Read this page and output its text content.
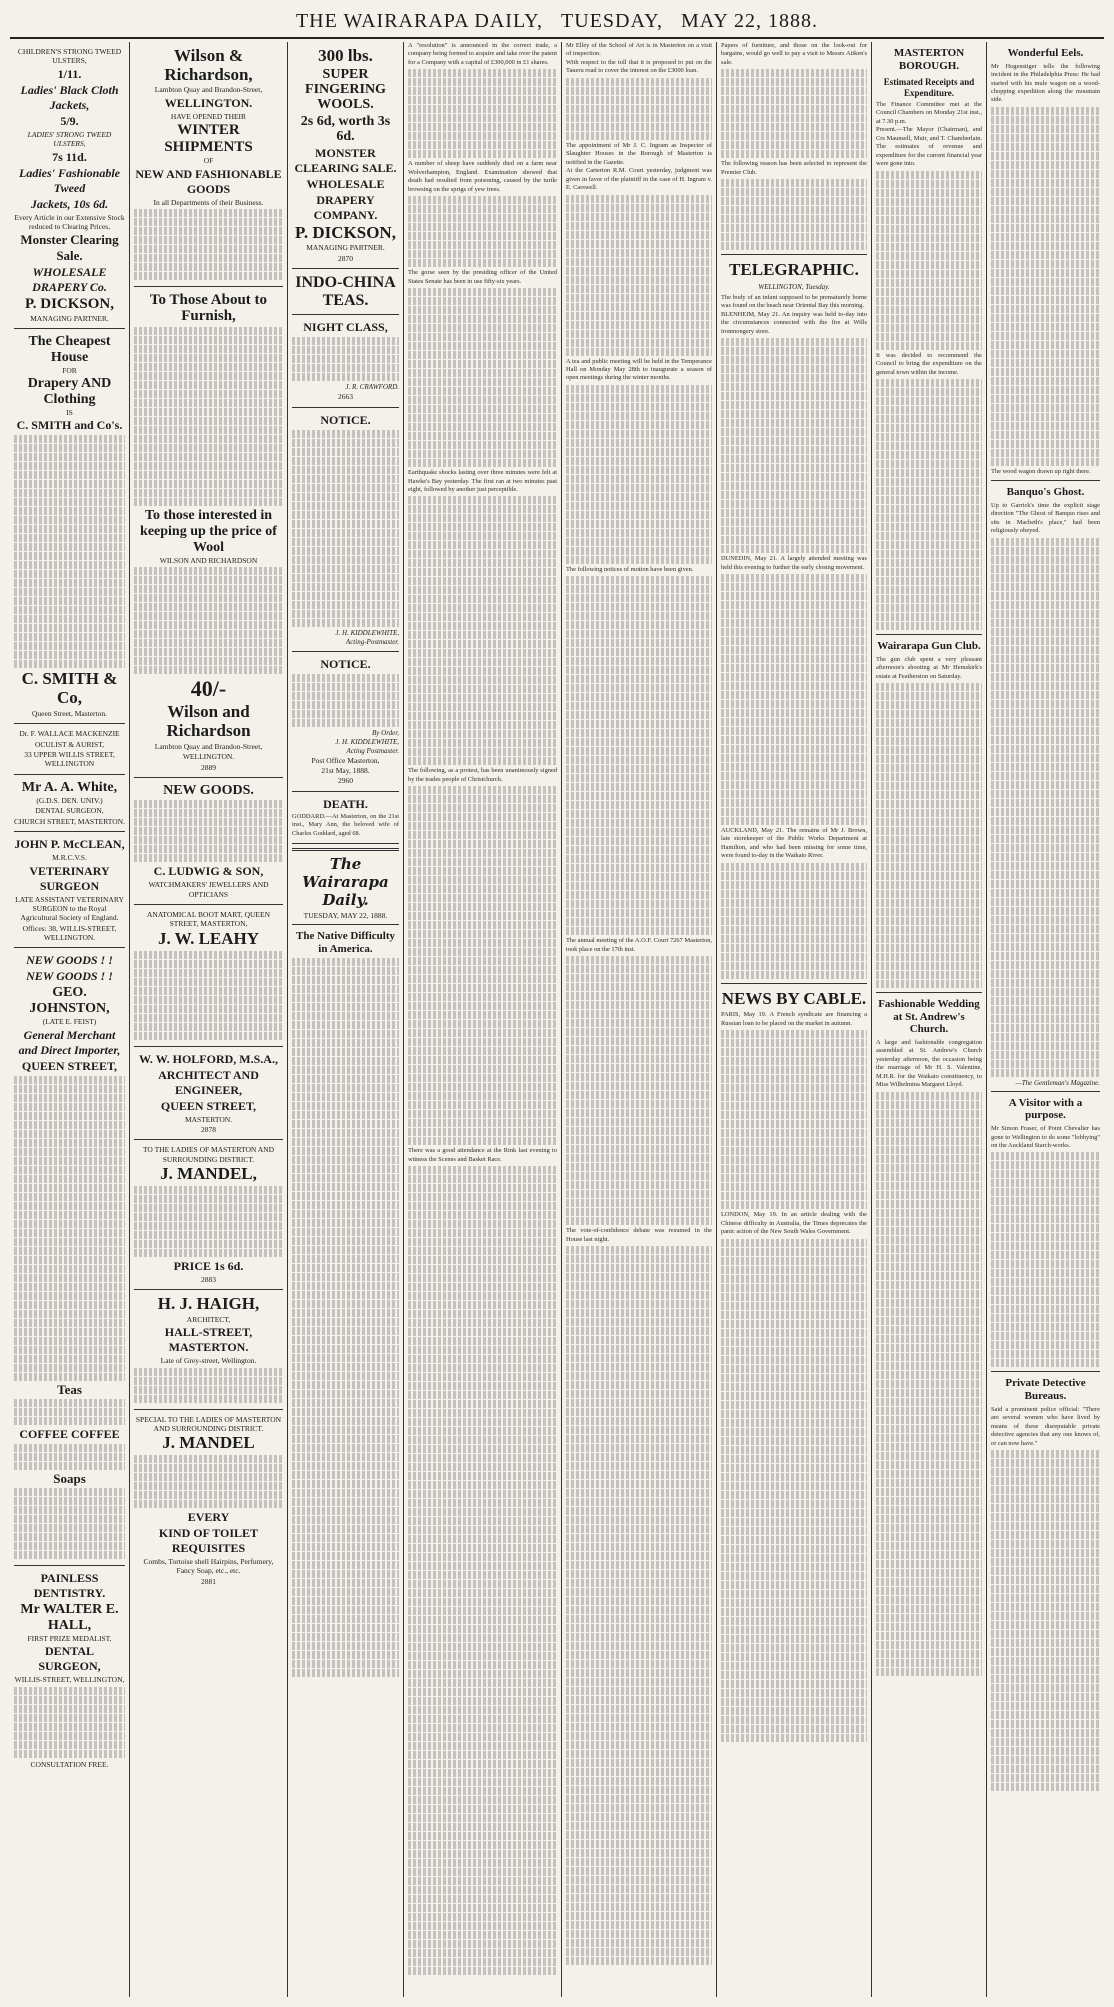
THE WAIRARAPA DAILY, TUESDAY, MAY 22, 1888.

CHILDREN'S STRONG TWEED ULSTERS,

1/11.

Ladies' Black Cloth Jackets,

5/9.

LADIES' STRONG TWEED ULSTERS,

7s 11d.

Ladies' Fashionable Tweed

Jackets, 10s 6d.

Every Article in our Extensive Stock reduced to Clearing Prices,

Monster Clearing Sale.

WHOLESALE DRAPERY Co.

P. DICKSON,

MANAGING PARTNER.

The Cheapest House

FOR

Drapery AND Clothing

IS

C. SMITH and Co's.

C. SMITH & Co,

Queen Street, Masterton.

Dr. F. WALLACE MACKENZIE

OCULIST & AURIST,

33 UPPER WILLIS STREET, WELLINGTON

Mr A. A. White,

(G.D.S. DEN. UNIV.)

DENTAL SURGEON,

CHURCH STREET, MASTERTON.

JOHN P. McCLEAN,

M.R.C.V.S.

VETERINARY SURGEON

LATE ASSISTANT VETERINARY SURGEON to the Royal Agricultural Society of England.

Offices: 38, WILLIS-STREET, WELLINGTON.

NEW GOODS ! !

NEW GOODS ! !

GEO. JOHNSTON,

(LATE E. FEIST)

General Merchant and Direct Importer,

QUEEN STREET,

Teas

COFFEE COFFEE

Soaps

PAINLESS DENTISTRY.

Mr WALTER E. HALL,

FIRST PRIZE MEDALIST,

DENTAL SURGEON,

WILLIS-STREET, WELLINGTON,

CONSULTATION FREE.

Wilson & Richardson,

Lambton Quay and Brandon-Street,

WELLINGTON.

HAVE OPENED THEIR

WINTER SHIPMENTS

OF

NEW AND FASHIONABLE GOODS

In all Departments of their Business.

To Those About to Furnish,

To those interested in

keeping up the price of Wool

WILSON AND RICHARDSON

40/-

Wilson and Richardson

Lambton Quay and Brandon-Street,

WELLINGTON.

2889

NEW GOODS.

C. LUDWIG & SON,

WATCHMAKERS' JEWELLERS AND OPTICIANS

ANATOMICAL BOOT MART, QUEEN STREET, MASTERTON,

J. W. LEAHY

W. W. HOLFORD, M.S.A.,

ARCHITECT AND ENGINEER,

QUEEN STREET,

MASTERTON.

2878

TO THE LADIES OF MASTERTON AND SURROUNDING DISTRICT.

J. MANDEL,

PRICE 1s 6d.

2883

H. J. HAIGH,

ARCHITECT,

HALL-STREET, MASTERTON.

Late of Grey-street, Wellington.

SPECIAL TO THE LADIES OF MASTERTON AND SURROUNDING DISTRICT.

J. MANDEL

EVERY

KIND OF TOILET REQUISITES

Combs, Tortoise shell Hairpins, Perfumery, Fancy Soap, etc., etc.

2881

300 lbs.

SUPER FINGERING WOOLS.

2s 6d, worth 3s 6d.

MONSTER CLEARING SALE.

WHOLESALE

DRAPERY COMPANY.

P. DICKSON,

MANAGING PARTNER.

2870

INDO-CHINA TEAS.

NIGHT CLASS,

J. R. CRAWFORD.

2663

NOTICE.

J. H. KIDDLEWHITE,

Acting-Postmaster.

NOTICE.

By Order,

J. H. KIDDLEWHITE,

Acting Postmaster.

Post Office Masterton,

21st May, 1888.

2960

DEATH.

GODDARD.—At Masterton, on the 21st inst., Mary Ann, the beloved wife of Charles Goddard, aged 68.

The Wairarapa Daily.
TUESDAY, MAY 22, 1888.
The Native Difficulty in America.

A "resolution" is announced in the correct trade, a company being formed to acquire and take over the patent for a Company with a capital of £300,000 in £1 shares.

A number of sheep have suddenly died on a farm near Wolverhampton, England. Examination showed that death had resulted from poisoning, caused by the turtle browsing on the sprigs of yew trees.

The gorse seen by the presiding officer of the United States Senate has been in use fifty-six years.

Earthquake shocks lasting over three minutes were felt at Hawke's Bay yesterday. The first ran at two minutes past eight, followed by another just perceptible.

The following, as a protest, has been unanimously signed by the trades people of Christchurch.

There was a good attendance at the Rink last evening to witness the Scenes and Basket Race.

Mr Elley of the School of Art is in Masterton on a visit of inspection.

With respect to the toll that it is proposed to put on the Taueru road to cover the interest on the £3000 loan.

The appointment of Mr J. C. Ingram as Inspector of Slaughter Houses in the Borough of Masterton is notified in the Gazette.

At the Carterton R.M. Court yesterday, judgment was given in favor of the plaintiff in the case of H. Ingram v. E. Carswell.

A tea and public meeting will be held in the Temperance Hall on Monday May 28th to inaugurate a season of open meetings during the winter months.

The following notices of motion have been given.

The annual meeting of the A.O.F. Court 7267 Masterton, took place on the 17th inst.

The vote-of-confidence debate was resumed in the House last night.

Papers of furniture, and those on the look-out for bargains, would go well to pay a visit to Messrs Aitken's sale.

The following reason has been selected to represent the Premier Club.

TELEGRAPHIC.
WELLINGTON, Tuesday.

The body of an infant supposed to be prematurely borne was found on the beach near Oriental Bay this morning.

BLENHEIM, May 21. An inquiry was held to-day into the circumstances connected with the fire at Wills ironmongery store.

DUNEDIN, May 21. A largely attended meeting was held this evening to further the early closing movement.

AUCKLAND, May 21. The remains of Mr J. Brown, late storekeeper of the Public Works Department at Hamilton, and who had been missing for some time, were found to-day in the Waikato River.

NEWS BY CABLE.

PARIS, May 19. A French syndicate are financing a Russian loan to be placed on the market in autumn.

LONDON, May 19. In an article dealing with the Chinese difficulty in Australia, the Times deprecates the panic action of the New South Wales Government.

MASTERTON BOROUGH.
Estimated Receipts and Expenditure.

The Finance Committee met at the Council Chambers on Monday 21st inst., at 7.30 p.m.

Present.—The Mayor (Chairman), and Crs Maunsell, Muir, and T. Chamberlain. The estimates of revenue and expenditure for the current financial year were gone into.

It was decided to recommend the Council to bring the expenditure on the general town within the income.

Wairarapa Gun Club.

The gun club spent a very pleasant afternoon's shooting at Mr Hemskirk's estate at Featherston on Saturday.

Fashionable Wedding at St. Andrew's Church.

A large and fashionable congregation assembled at St. Andrew's Church yesterday afternoon, the occasion being the marriage of Mr H. S. Valentine, M.H.R. for the Waikato constituency, to Miss Wilhelmina Margaret Lloyd.

Wonderful Eels.

Mr Hogenstiger tells the following incident in the Philadelphia Press: He had started with his mule wagon on a wood-chopping expedition along the mountain side.

The wood wagon drawn up right there.

Banquo's Ghost.

Up to Garrick's time the explicit stage direction "The Ghost of Banquo rises and sits in Macbeth's place," had been religiously obeyed.

—The Gentleman's Magazine.

A Visitor with a purpose.

Mr Simon Fraser, of Point Chevalier has gone to Wellington to do some "lobbying" on the Auckland Starch-works.

Private Detective Bureaus.

Said a prominent police official: "There are several women who have lived by means of these disreputable private detective agencies that any one knows of, or can now have."
